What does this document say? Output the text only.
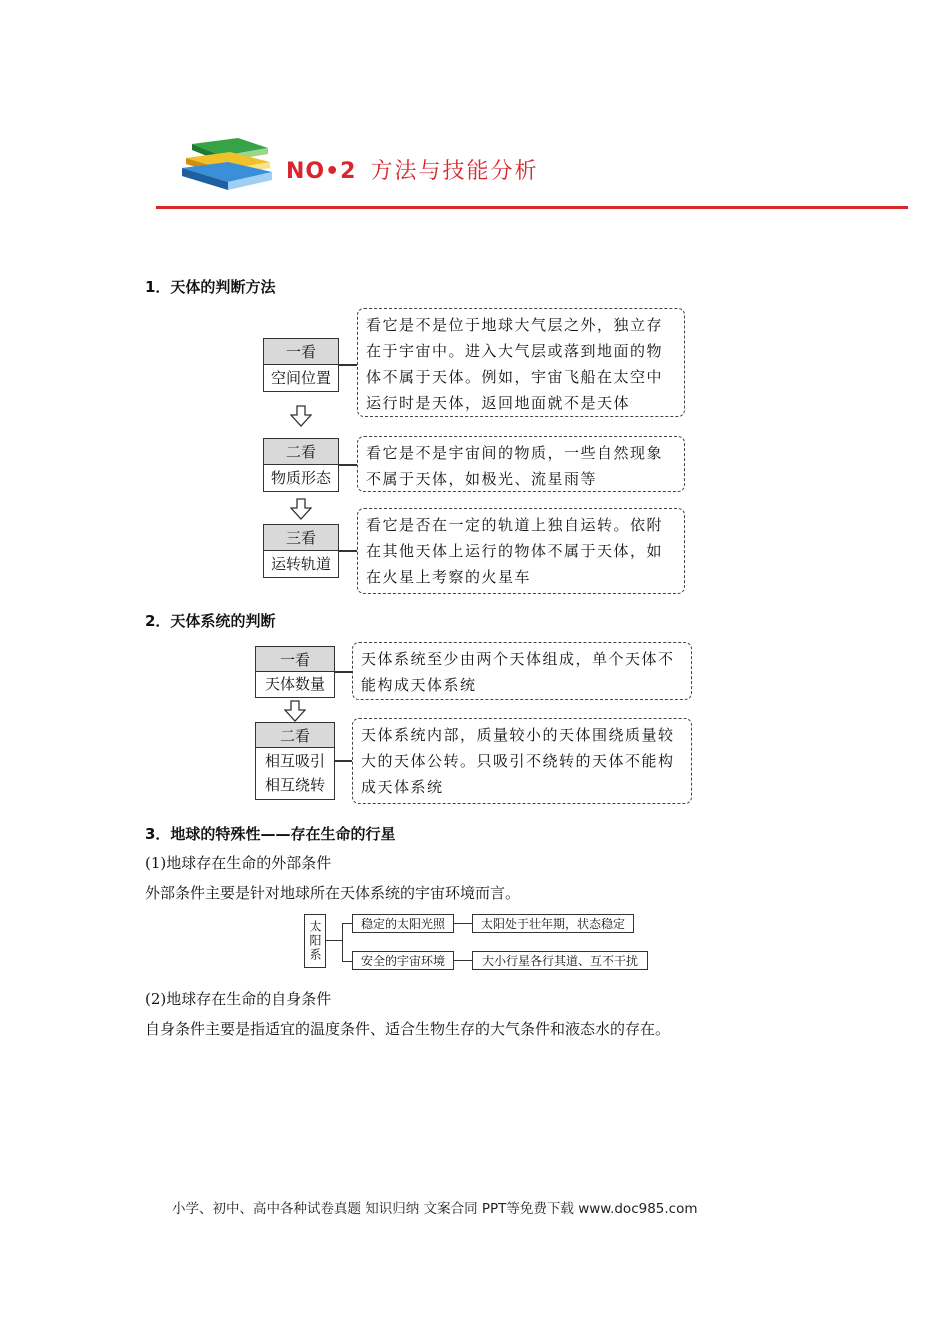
NO•2 方法与技能分析
1．天体的判断方法
一看
空间位置
看它是不是位于地球大气层之外，独立存在于宇宙中。进入大气层或落到地面的物体不属于天体。例如，宇宙飞船在太空中运行时是天体，返回地面就不是天体
二看
物质形态
看它是不是宇宙间的物质，一些自然现象不属于天体，如极光、流星雨等
三看
运转轨道
看它是否在一定的轨道上独自运转。依附在其他天体上运行的物体不属于天体，如在火星上考察的火星车
2．天体系统的判断
一看
天体数量
天体系统至少由两个天体组成，单个天体不能构成天体系统
二看
相互吸引
相互绕转
天体系统内部，质量较小的天体围绕质量较大的天体公转。只吸引不绕转的天体不能构成天体系统
3．地球的特殊性——存在生命的行星
(1)地球存在生命的外部条件
外部条件主要是针对地球所在天体系统的宇宙环境而言。
太阳系	稳定的太阳光照	太阳处于壮年期，状态稳定
安全的宇宙环境	大小行星各行其道、互不干扰
(2)地球存在生命的自身条件
自身条件主要是指适宜的温度条件、适合生物生存的大气条件和液态水的存在。
小学、初中、高中各种试卷真题 知识归纳 文案合同 PPT等免费下载 www.doc985.com
